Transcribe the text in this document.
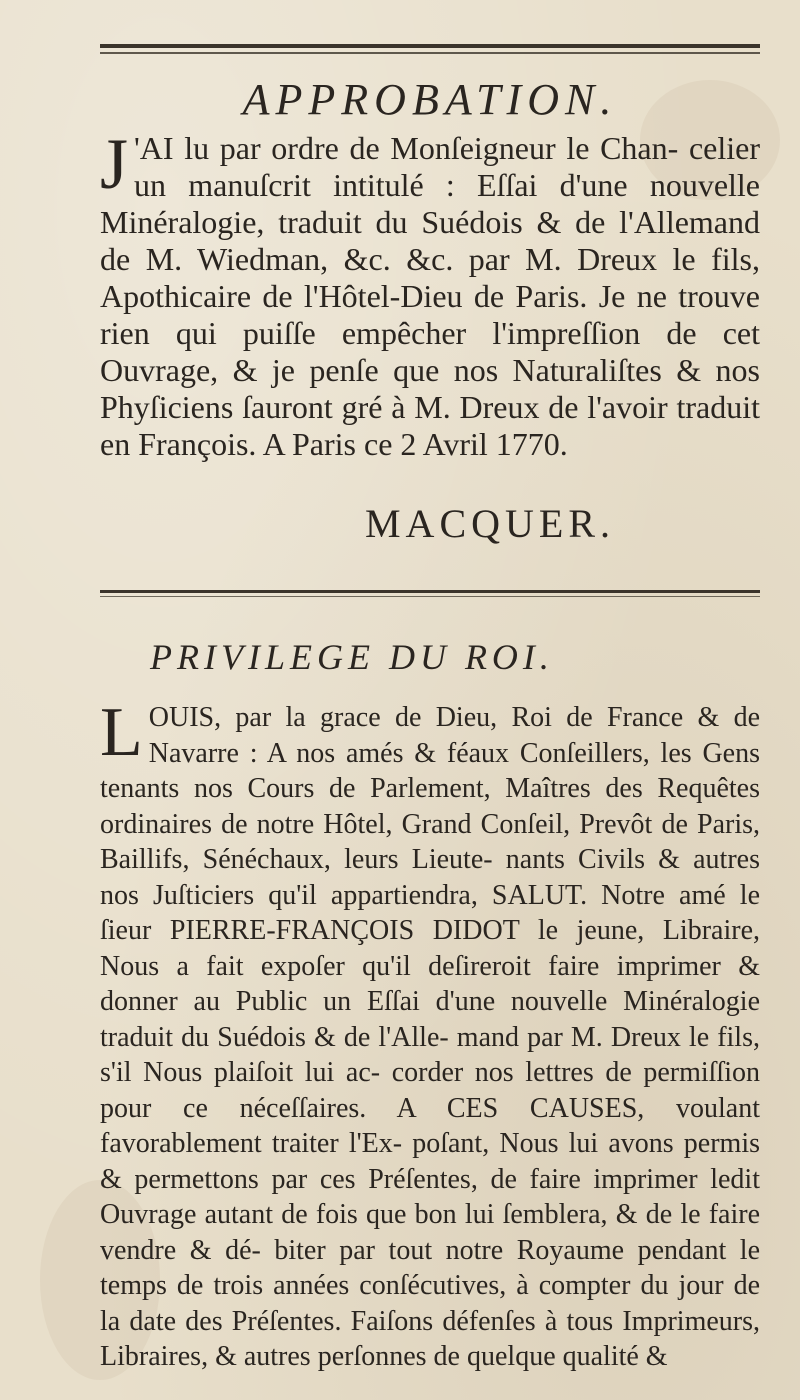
APPROBATION.
J 'AI lu par ordre de Monſeigneur le Chan- celier un manuſcrit intitulé : Eſſai d'une nouvelle Minéralogie, traduit du Suédois & de l'Allemand de M. Wiedman, &c. &c. par M. Dreux le fils, Apothicaire de l'Hôtel-Dieu de Paris. Je ne trouve rien qui puiſſe empêcher l'impreſſion de cet Ouvrage, & je penſe que nos Naturaliſtes & nos Phyſiciens ſauront gré à M. Dreux de l'avoir traduit en François. A Paris ce 2 Avril 1770.
MACQUER.
PRIVILEGE DU ROI.
L OUIS, par la grace de Dieu, Roi de France & de Navarre : A nos amés & féaux Conſeillers, les Gens tenants nos Cours de Parlement, Maîtres des Requêtes ordinaires de notre Hôtel, Grand Conſeil, Prevôt de Paris, Baillifs, Sénéchaux, leurs Lieute- nants Civils & autres nos Juſticiers qu'il appartiendra, SALUT. Notre amé le ſieur PIERRE-FRANÇOIS DIDOT le jeune, Libraire, Nous a fait expoſer qu'il deſireroit faire imprimer & donner au Public un Eſſai d'une nouvelle Minéralogie traduit du Suédois & de l'Alle- mand par M. Dreux le fils, s'il Nous plaiſoit lui ac- corder nos lettres de permiſſion pour ce néceſſaires. A CES CAUSES, voulant favorablement traiter l'Ex- poſant, Nous lui avons permis & permettons par ces Préſentes, de faire imprimer ledit Ouvrage autant de fois que bon lui ſemblera, & de le faire vendre & dé- biter par tout notre Royaume pendant le temps de trois années conſécutives, à compter du jour de la date des Préſentes. Faiſons défenſes à tous Imprimeurs, Libraires, & autres perſonnes de quelque qualité &
